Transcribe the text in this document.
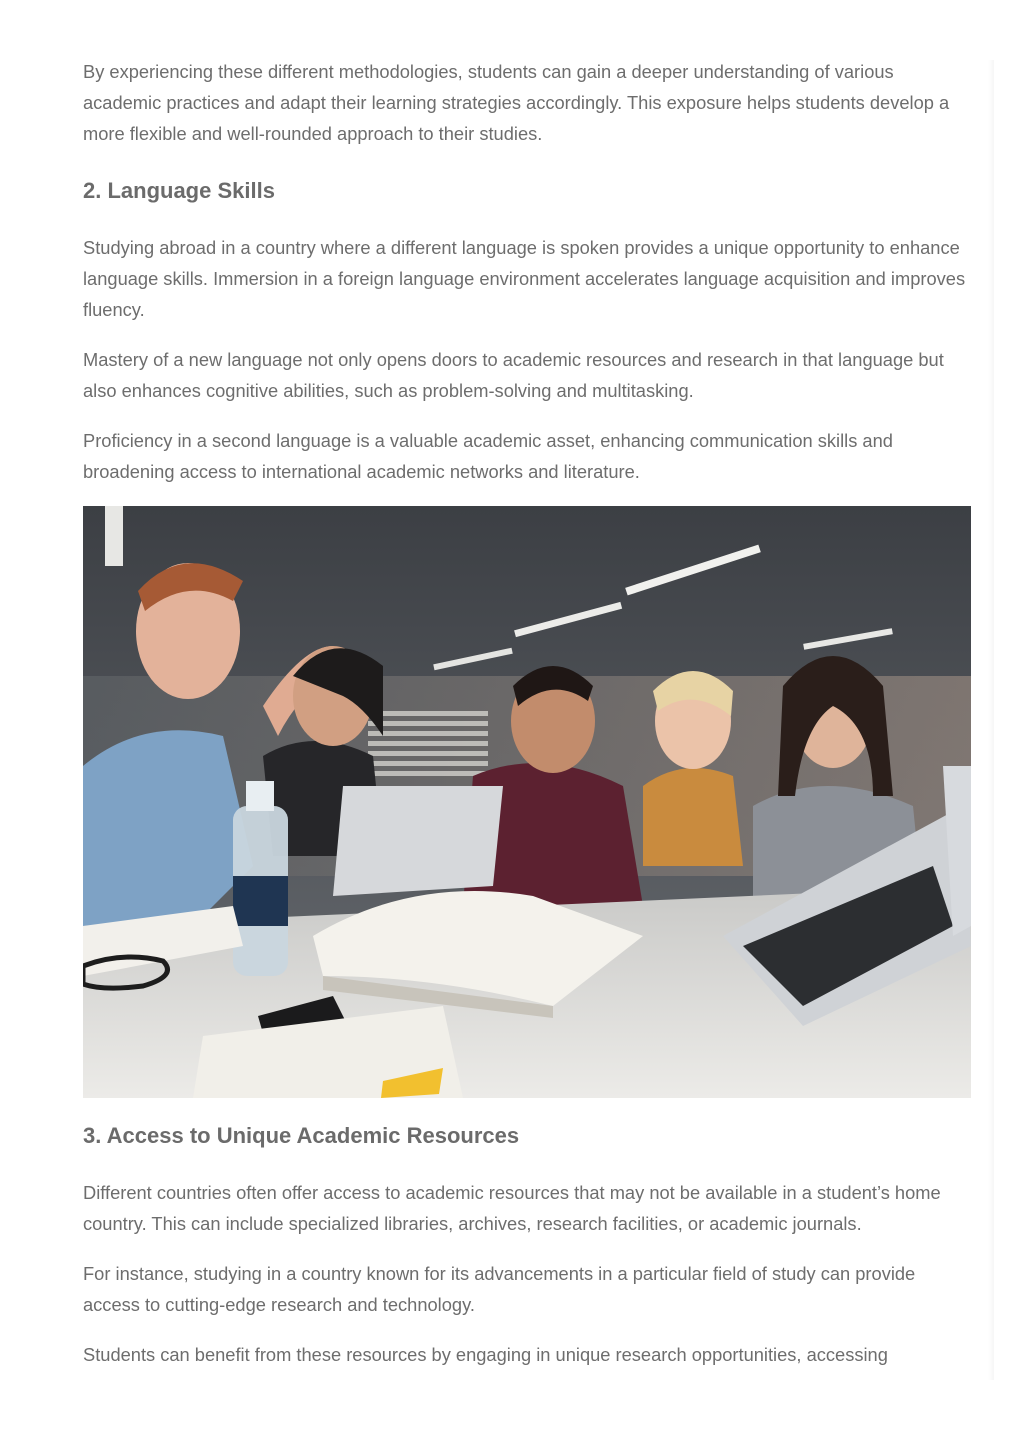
By experiencing these different methodologies, students can gain a deeper understanding of various academic practices and adapt their learning strategies accordingly. This exposure helps students develop a more flexible and well-rounded approach to their studies.

2. Language Skills

Studying abroad in a country where a different language is spoken provides a unique opportunity to enhance language skills. Immersion in a foreign language environment accelerates language acquisition and improves fluency.

Mastery of a new language not only opens doors to academic resources and research in that language but also enhances cognitive abilities, such as problem-solving and multitasking.

Proficiency in a second language is a valuable academic asset, enhancing communication skills and broadening access to international academic networks and literature.

3. Access to Unique Academic Resources

Different countries often offer access to academic resources that may not be available in a student’s home country. This can include specialized libraries, archives, research facilities, or academic journals.

For instance, studying in a country known for its advancements in a particular field of study can provide access to cutting-edge research and technology.

Students can benefit from these resources by engaging in unique research opportunities, accessing
